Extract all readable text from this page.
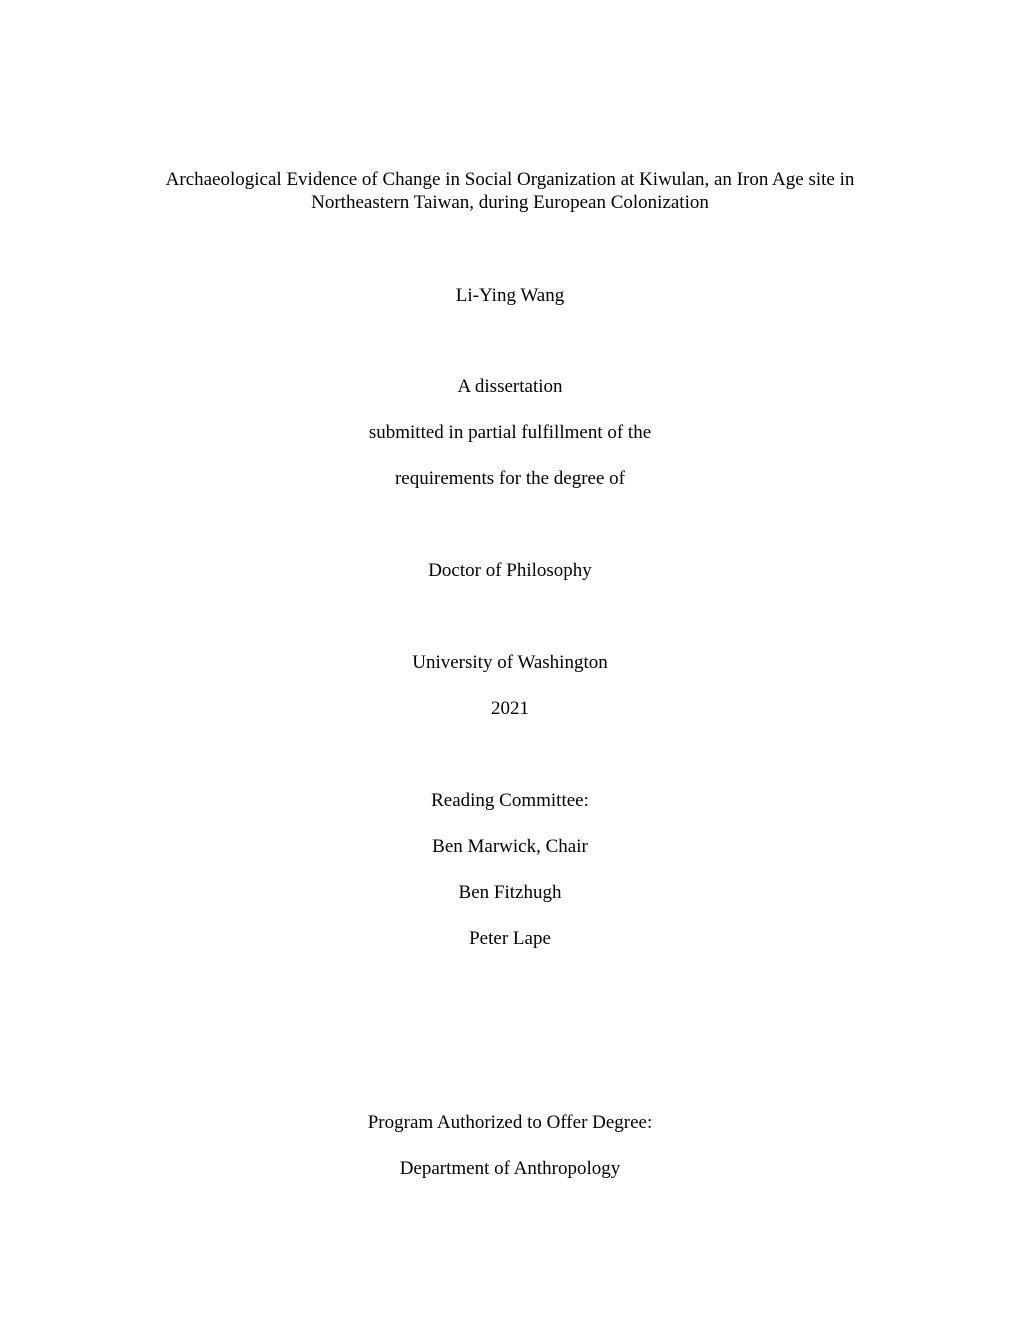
Archaeological Evidence of Change in Social Organization at Kiwulan, an Iron Age site in
Northeastern Taiwan, during European Colonization
Li-Ying Wang
A dissertation
submitted in partial fulfillment of the
requirements for the degree of
Doctor of Philosophy
University of Washington
2021
Reading Committee:
Ben Marwick, Chair
Ben Fitzhugh
Peter Lape
Program Authorized to Offer Degree:
Department of Anthropology
